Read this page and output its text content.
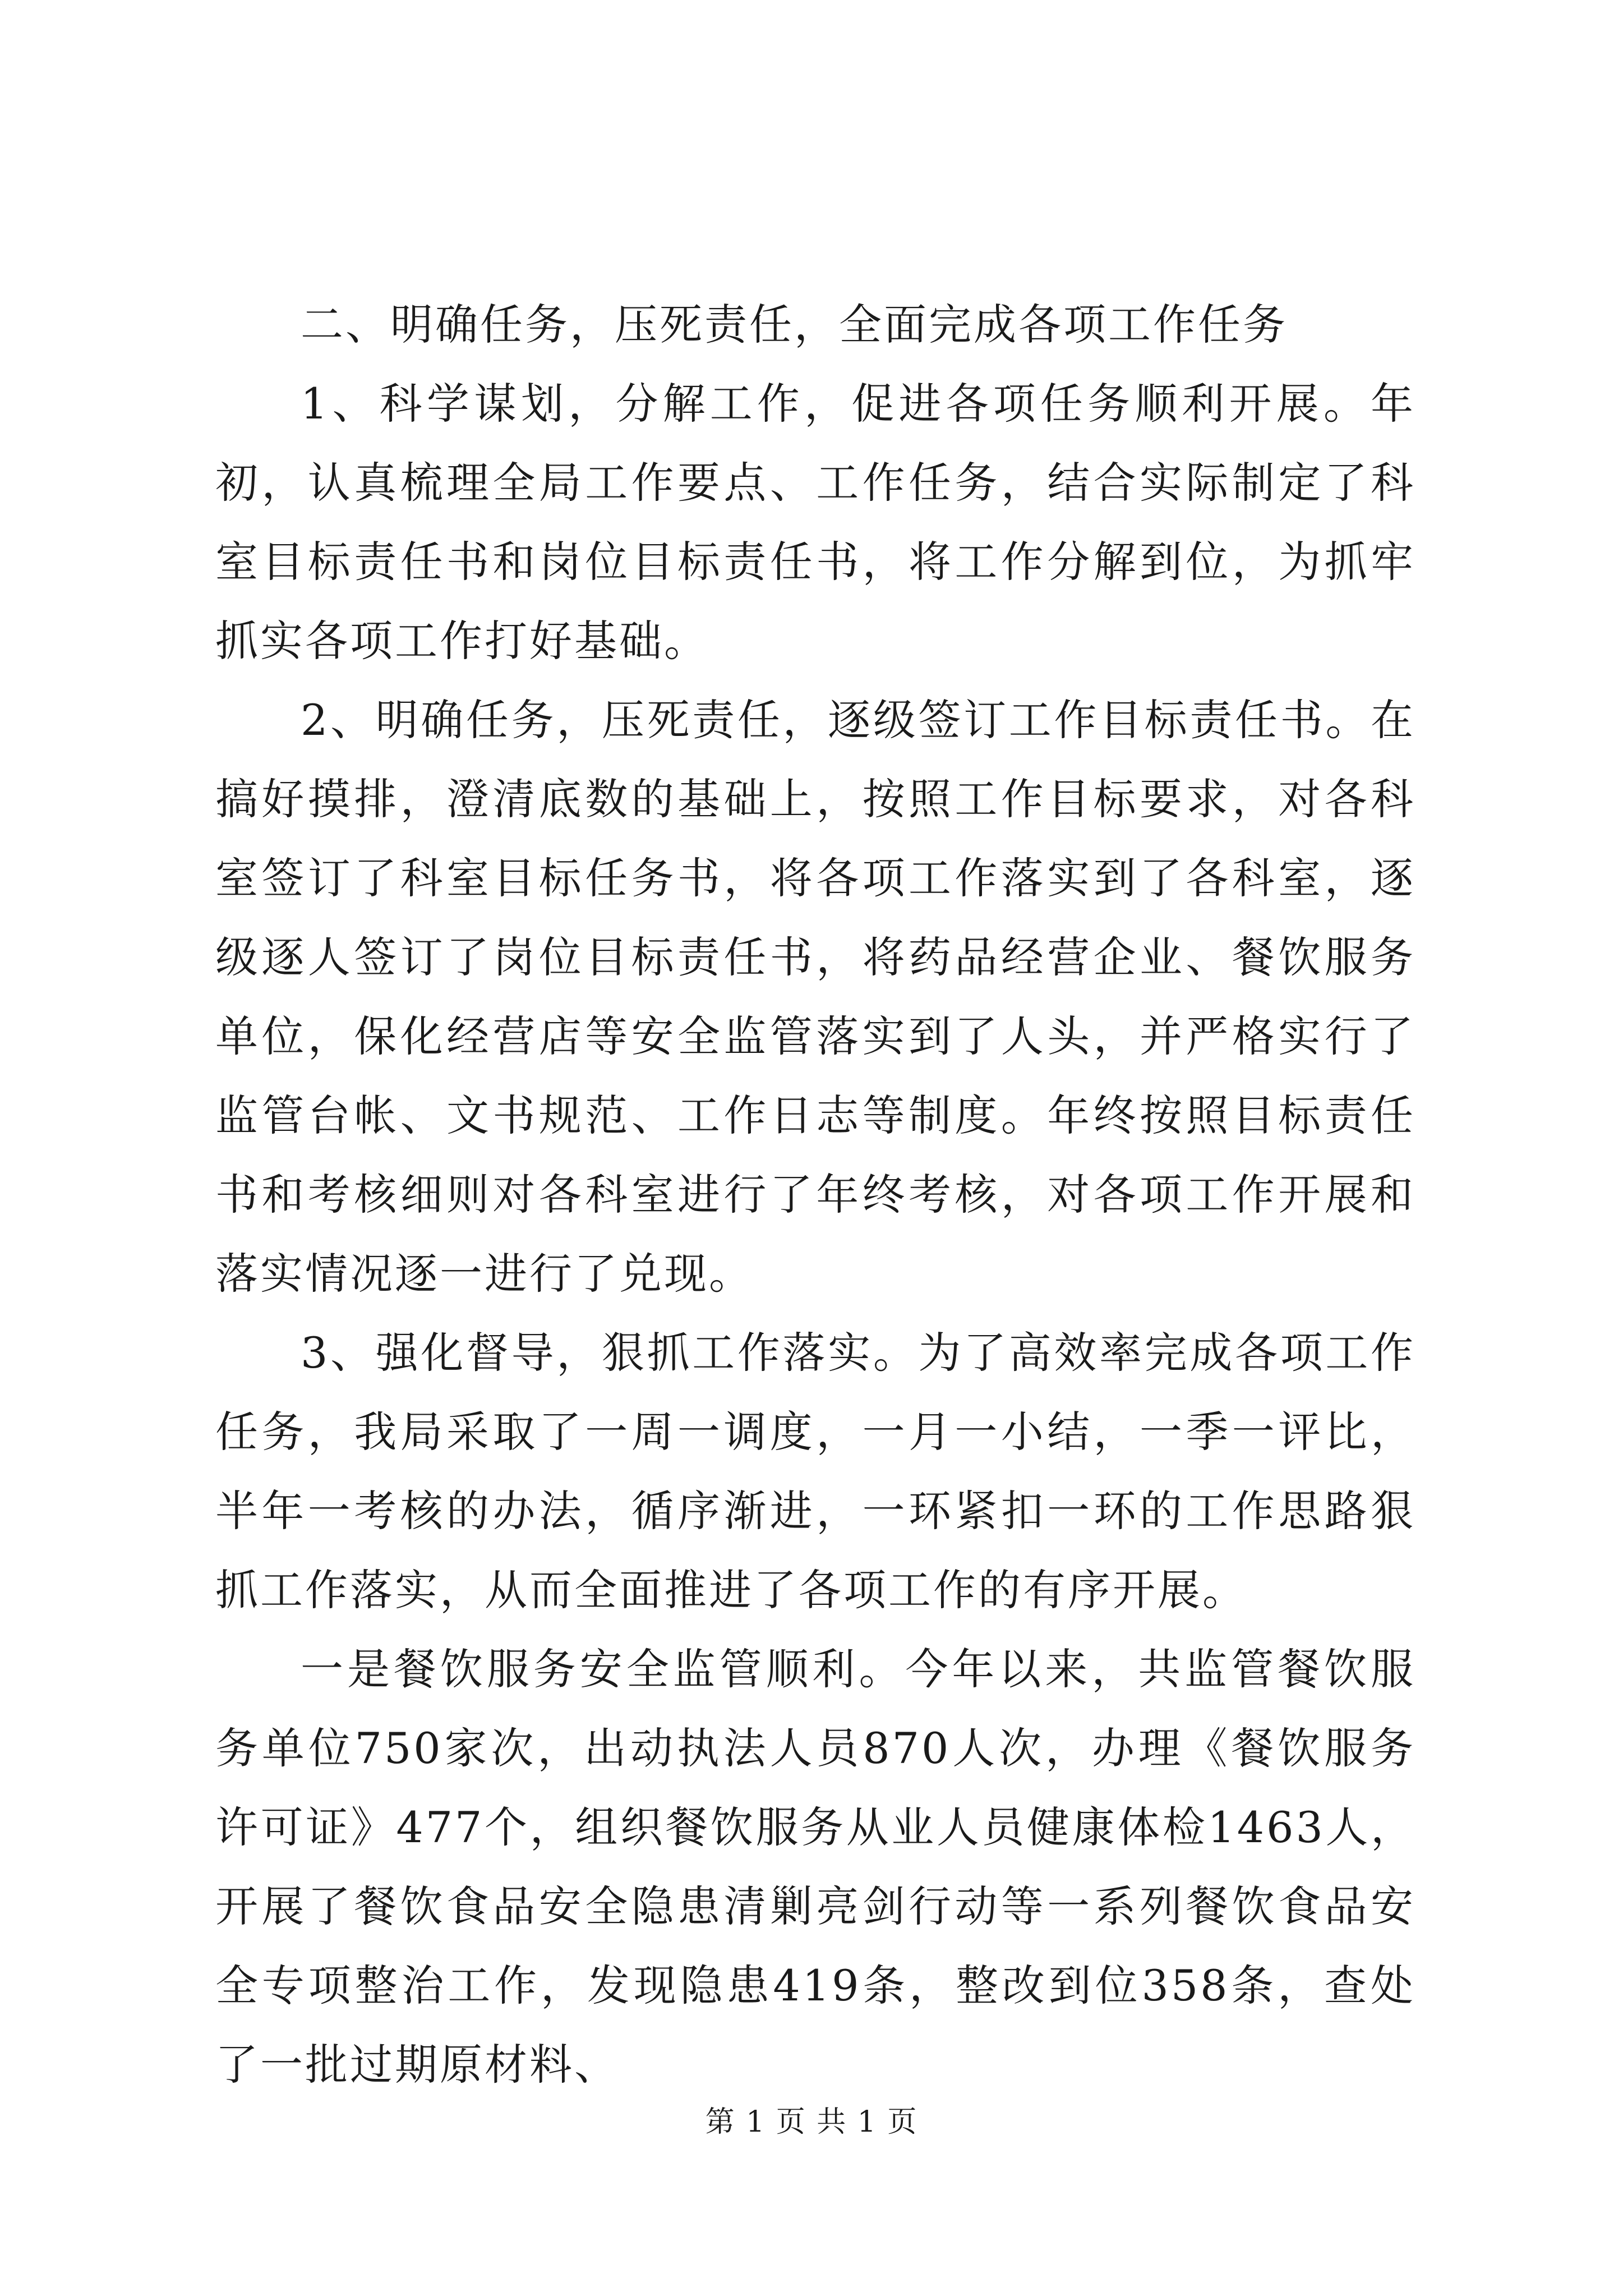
二、明确任务，压死责任，全面完成各项工作任务

1、科学谋划，分解工作，促进各项任务顺利开展。年初，认真梳理全局工作要点、工作任务，结合实际制定了科室目标责任书和岗位目标责任书，将工作分解到位，为抓牢抓实各项工作打好基础。

2、明确任务，压死责任，逐级签订工作目标责任书。在搞好摸排，澄清底数的基础上，按照工作目标要求，对各科室签订了科室目标任务书，将各项工作落实到了各科室，逐级逐人签订了岗位目标责任书，将药品经营企业、餐饮服务单位，保化经营店等安全监管落实到了人头，并严格实行了监管台帐、文书规范、工作日志等制度。年终按照目标责任书和考核细则对各科室进行了年终考核，对各项工作开展和落实情况逐一进行了兑现。

3、强化督导，狠抓工作落实。为了高效率完成各项工作任务，我局采取了一周一调度，一月一小结，一季一评比，半年一考核的办法，循序渐进，一环紧扣一环的工作思路狠抓工作落实，从而全面推进了各项工作的有序开展。

一是餐饮服务安全监管顺利。今年以来，共监管餐饮服务单位750家次，出动执法人员870人次，办理《餐饮服务许可证》477个，组织餐饮服务从业人员健康体检1463人，开展了餐饮食品安全隐患清剿亮剑行动等一系列餐饮食品安全专项整治工作，发现隐患419条，整改到位358条，查处了一批过期原材料、

第 1 页 共 1 页
